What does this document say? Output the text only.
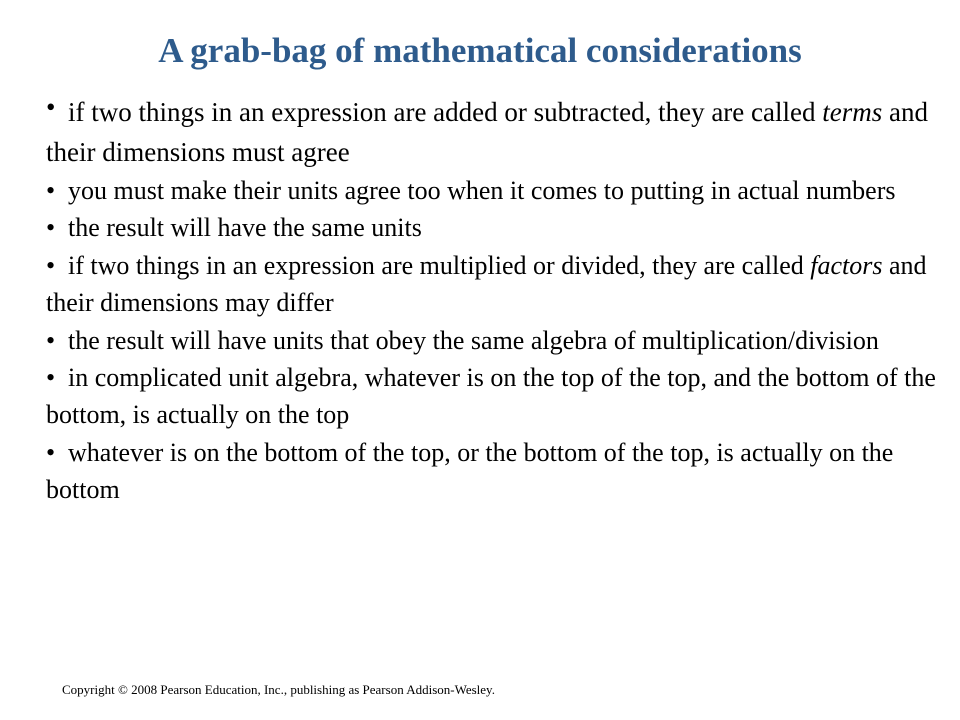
A grab-bag of mathematical considerations
• if two things in an expression are added or subtracted, they are called terms and their dimensions must agree
• you must make their units agree too when it comes to putting in actual numbers
• the result will have the same units
• if two things in an expression are multiplied or divided, they are called factors and their dimensions may differ
• the result will have units that obey the same algebra of multiplication/division
• in complicated unit algebra, whatever is on the top of the top, and the bottom of the bottom, is actually on the top
• whatever is on the bottom of the top, or the bottom of the top, is actually on the bottom

Copyright © 2008 Pearson Education, Inc., publishing as Pearson Addison-Wesley.
